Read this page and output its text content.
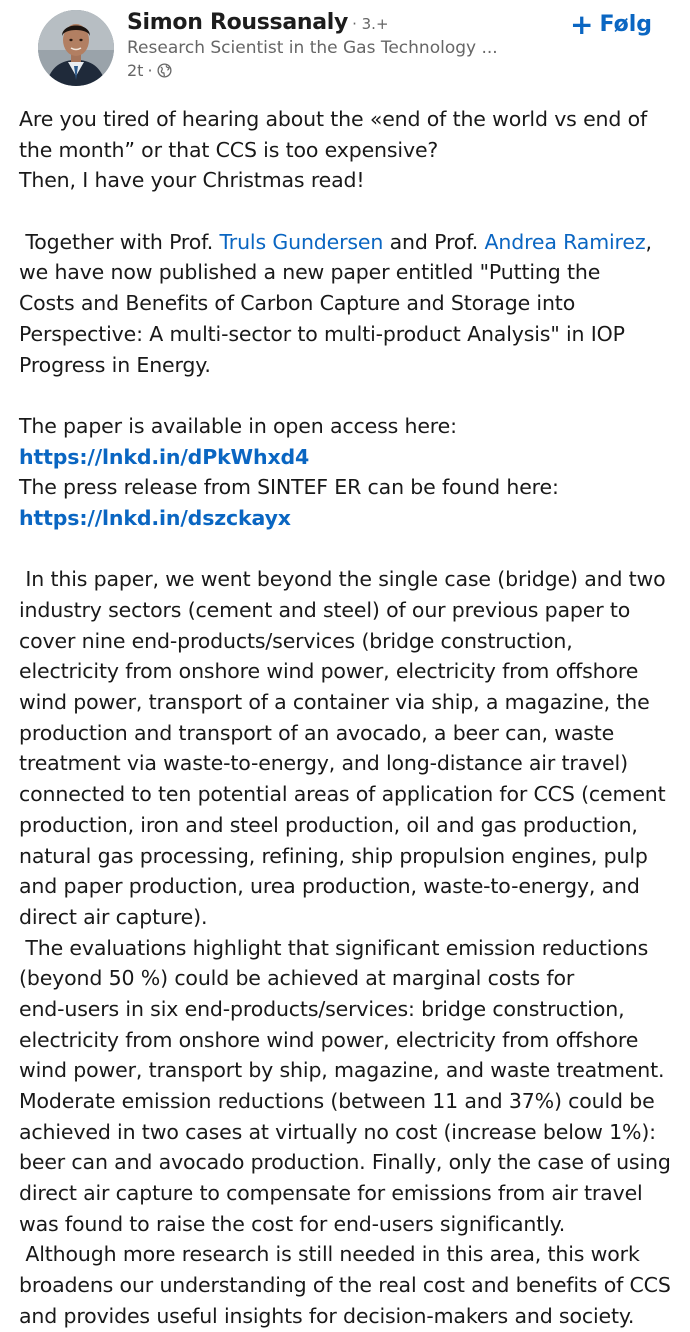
Simon Roussanaly · 3.+
Research Scientist in the Gas Technology ...
2t ·
+ Følg
Are you tired of hearing about the «end of the world vs end of
the month” or that CCS is too expensive?
Then, I have your Christmas read!
Together with Prof. Truls Gundersen and Prof. Andrea Ramirez,
we have now published a new paper entitled "Putting the
Costs and Benefits of Carbon Capture and Storage into
Perspective: A multi-sector to multi-product Analysis" in IOP
Progress in Energy.
The paper is available in open access here:
https://lnkd.in/dPkWhxd4
The press release from SINTEF ER can be found here:
https://lnkd.in/dszckayx
In this paper, we went beyond the single case (bridge) and two
industry sectors (cement and steel) of our previous paper to
cover nine end-products/services (bridge construction,
electricity from onshore wind power, electricity from offshore
wind power, transport of a container via ship, a magazine, the
production and transport of an avocado, a beer can, waste
treatment via waste-to-energy, and long-distance air travel)
connected to ten potential areas of application for CCS (cement
production, iron and steel production, oil and gas production,
natural gas processing, refining, ship propulsion engines, pulp
and paper production, urea production, waste-to-energy, and
direct air capture).
The evaluations highlight that significant emission reductions
(beyond 50 %) could be achieved at marginal costs for
end-users in six end-products/services: bridge construction,
electricity from onshore wind power, electricity from offshore
wind power, transport by ship, magazine, and waste treatment.
Moderate emission reductions (between 11 and 37%) could be
achieved in two cases at virtually no cost (increase below 1%):
beer can and avocado production. Finally, only the case of using
direct air capture to compensate for emissions from air travel
was found to raise the cost for end-users significantly.
Although more research is still needed in this area, this work
broadens our understanding of the real cost and benefits of CCS
and provides useful insights for decision-makers and society.
